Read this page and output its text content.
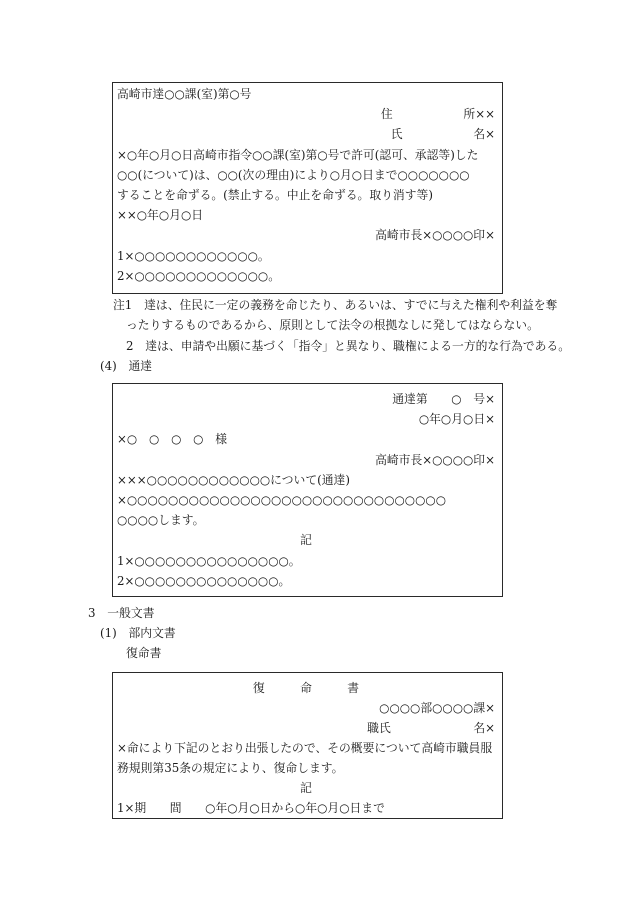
高崎市達○○課(室)第○号
住　　　　　　所××
氏　　　　　　名×
×○年○月○日高崎市指令○○課(室)第○号で許可(認可、承認等)した
○○(について)は、○○(次の理由)により○月○日まで○○○○○○○
することを命ずる。(禁止する。中止を命ずる。取り消す等)
××○年○月○日
高崎市長×○○○○印×
1×○○○○○○○○○○○○。
2×○○○○○○○○○○○○○。
注1　達は、住民に一定の義務を命じたり、あるいは、すでに与えた権利や利益を奪
ったりするものであるから、原則として法令の根拠なしに発してはならない。
2　達は、申請や出願に基づく「指令」と異なり、職権による一方的な行為である。
(4)　通達
通達第　　○　号×
○年○月○日×
×○　○　○　○　様
高崎市長×○○○○印×
×××○○○○○○○○○○○○について(通達)
×○○○○○○○○○○○○○○○○○○○○○○○○○○○○○○○
○○○○します。
記
1×○○○○○○○○○○○○○○○。
2×○○○○○○○○○○○○○○。
3　一般文書
(1)　部内文書
復命書
復　　　命　　　書
○○○○部○○○○課×
職氏　　　　　　　名×
×命により下記のとおり出張したので、その概要について高崎市職員服
務規則第35条の規定により、復命します。
記
1×期　　間　　○年○月○日から○年○月○日まで
